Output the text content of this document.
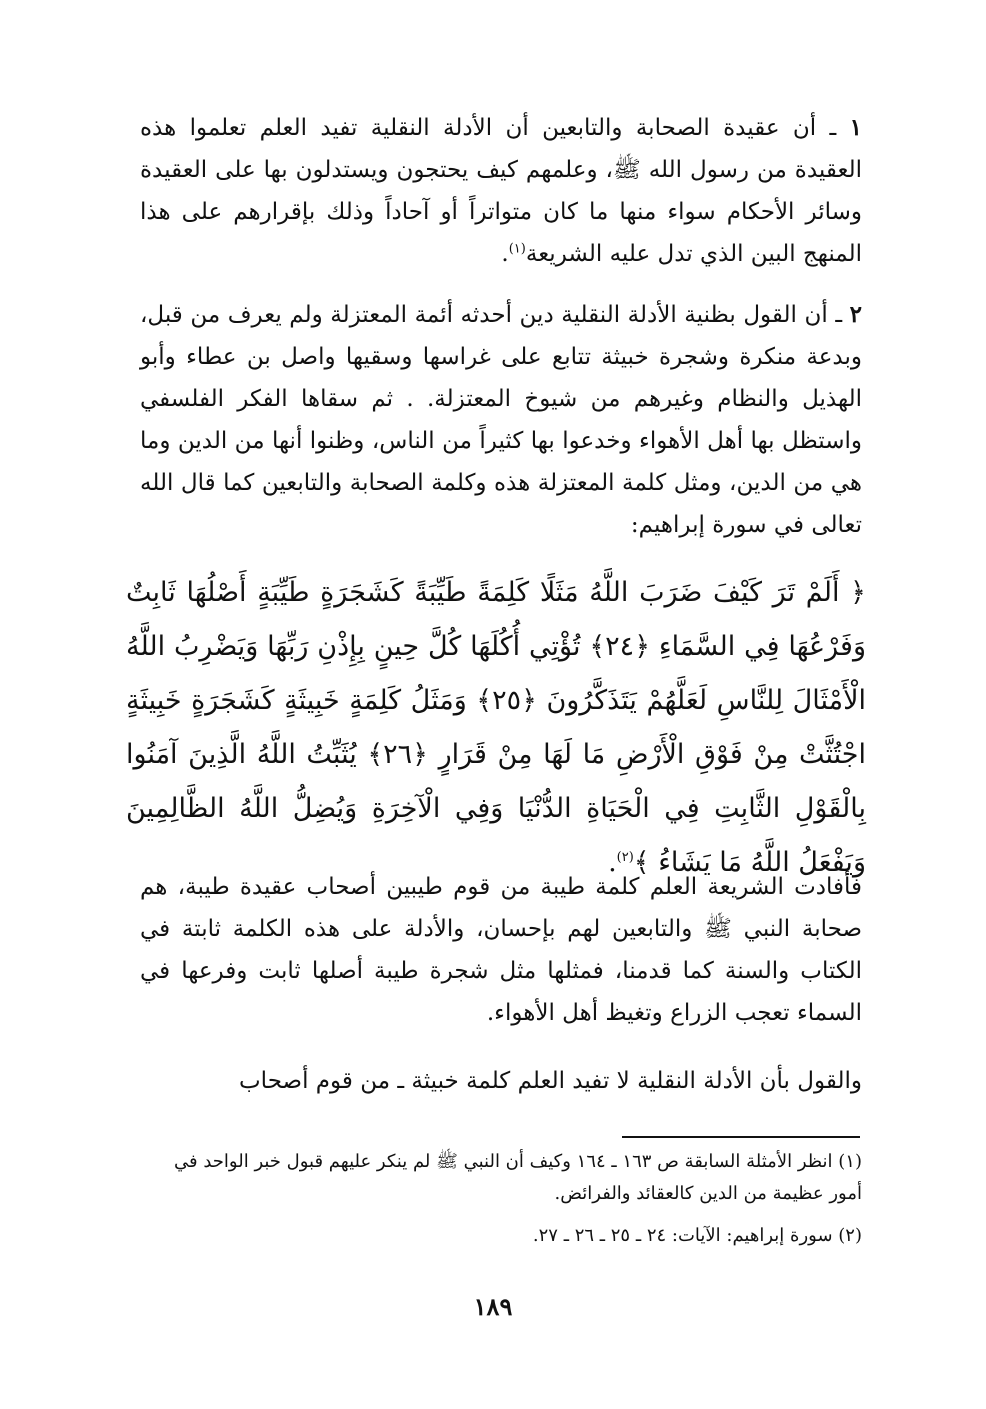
١ ـ أن عقيدة الصحابة والتابعين أن الأدلة النقلية تفيد العلم تعلموا هذه العقيدة من رسول الله ﷺ، وعلمهم كيف يحتجون ويستدلون بها على العقيدة وسائر الأحكام سواء منها ما كان متواتراً أو آحاداً وذلك بإقرارهم على هذا المنهج البين الذي تدل عليه الشريعة$^{(١)}$.

٢ ـ أن القول بظنية الأدلة النقلية دين أحدثه أئمة المعتزلة ولم يعرف من قبل، وبدعة منكرة وشجرة خبيثة تتابع على غراسها وسقيها واصل بن عطاء وأبو الهذيل والنظام وغيرهم من شيوخ المعتزلة. . ثم سقاها الفكر الفلسفي واستظل بها أهل الأهواء وخدعوا بها كثيراً من الناس، وظنوا أنها من الدين وما هي من الدين، ومثل كلمة المعتزلة هذه وكلمة الصحابة والتابعين كما قال الله تعالى في سورة إبراهيم:

﴿ أَلَمْ تَرَ كَيْفَ ضَرَبَ اللَّهُ مَثَلًا كَلِمَةً طَيِّبَةً كَشَجَرَةٍ طَيِّبَةٍ أَصْلُهَا ثَابِتٌ وَفَرْعُهَا فِي السَّمَاءِ ﴿٢٤﴾ تُؤْتِي أُكُلَهَا كُلَّ حِينٍ بِإِذْنِ رَبِّهَا وَيَضْرِبُ اللَّهُ الْأَمْثَالَ لِلنَّاسِ لَعَلَّهُمْ يَتَذَكَّرُونَ ﴿٢٥﴾ وَمَثَلُ كَلِمَةٍ خَبِيثَةٍ كَشَجَرَةٍ خَبِيثَةٍ اجْتُثَّتْ مِنْ فَوْقِ الْأَرْضِ مَا لَهَا مِنْ قَرَارٍ ﴿٢٦﴾ يُثَبِّتُ اللَّهُ الَّذِينَ آمَنُوا بِالْقَوْلِ الثَّابِتِ فِي الْحَيَاةِ الدُّنْيَا وَفِي الْآخِرَةِ وَيُضِلُّ اللَّهُ الظَّالِمِينَ وَيَفْعَلُ اللَّهُ مَا يَشَاءُ ﴾$^{(٢)}$.

فأفادت الشريعة العلم كلمة طيبة من قوم طيبين أصحاب عقيدة طيبة، هم صحابة النبي ﷺ والتابعين لهم بإحسان، والأدلة على هذه الكلمة ثابتة في الكتاب والسنة كما قدمنا، فمثلها مثل شجرة طيبة أصلها ثابت وفرعها في السماء تعجب الزراع وتغيظ أهل الأهواء.

والقول بأن الأدلة النقلية لا تفيد العلم كلمة خبيثة ـ من قوم أصحاب

(١) انظر الأمثلة السابقة ص ١٦٣ ـ ١٦٤ وكيف أن النبي ﷺ لم ينكر عليهم قبول خبر الواحد في أمور عظيمة من الدين كالعقائد والفرائض.

(٢) سورة إبراهيم: الآيات: ٢٤ ـ ٢٥ ـ ٢٦ ـ ٢٧.

١٨٩
